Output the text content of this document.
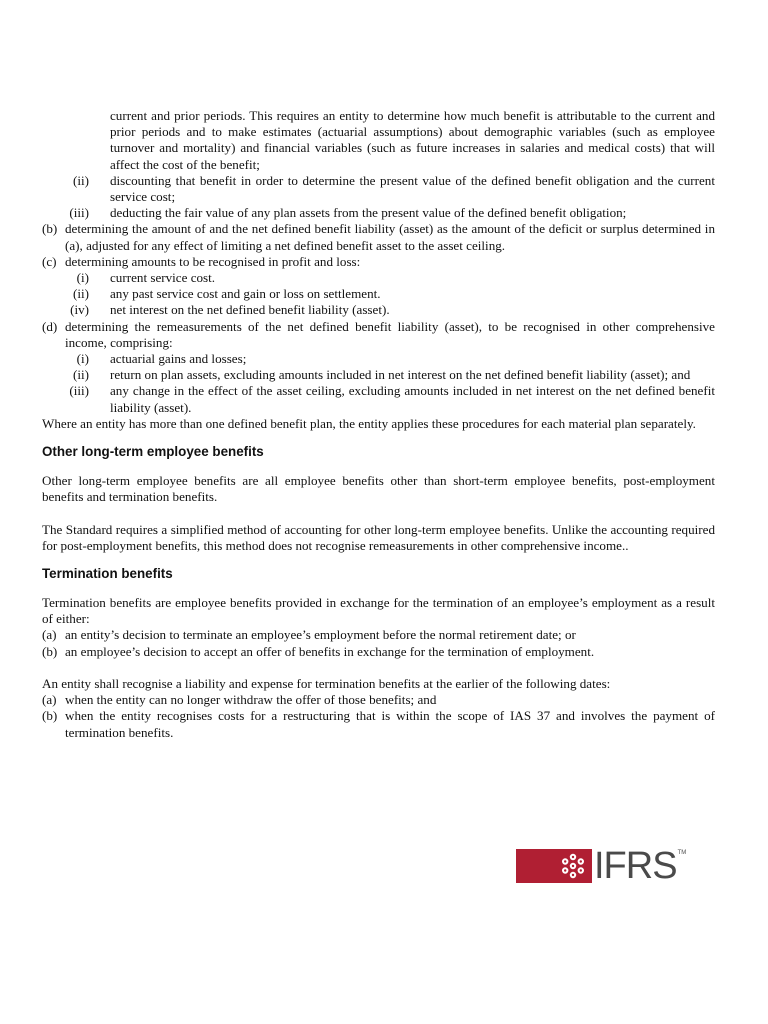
current and prior periods. This requires an entity to determine how much benefit is attributable to the current and prior periods and to make estimates (actuarial assumptions) about demographic variables (such as employee turnover and mortality) and financial variables (such as future increases in salaries and medical costs) that will affect the cost of the benefit;

(ii)	discounting that benefit in order to determine the present value of the defined benefit obligation and the current service cost;
(iii)	deducting the fair value of any plan assets from the present value of the defined benefit obligation;
(b) determining the amount of and the net defined benefit liability (asset) as the amount of the deficit or surplus determined in (a), adjusted for any effect of limiting a net defined benefit asset to the asset ceiling.
(c) determining amounts to be recognised in profit and loss:
(i)	current service cost.
(ii)	any past service cost and gain or loss on settlement.
(iv)	net interest on the net defined benefit liability (asset).
(d) determining the remeasurements of the net defined benefit liability (asset), to be recognised in other comprehensive income, comprising:
(i)	actuarial gains and losses;
(ii)	return on plan assets, excluding amounts included in net interest on the net defined benefit liability (asset); and
(iii)	any change in the effect of the asset ceiling, excluding amounts included in net interest on the net defined benefit liability (asset).

Where an entity has more than one defined benefit plan, the entity applies these procedures for each material plan separately.

Other long-term employee benefits

Other long-term employee benefits are all employee benefits other than short-term employee benefits, post-employment benefits and termination benefits.

The Standard requires a simplified method of accounting for other long-term employee benefits. Unlike the accounting required for post-employment benefits, this method does not recognise remeasurements in other comprehensive income..

Termination benefits

Termination benefits are employee benefits provided in exchange for the termination of an employee’s employment as a result of either:

(a) an entity’s decision to terminate an employee’s employment before the normal retirement date; or
(b) an employee’s decision to accept an offer of benefits in exchange for the termination of employment.

An entity shall recognise a liability and expense for termination benefits at the earlier of the following dates:

(a) when the entity can no longer withdraw the offer of those benefits; and
(b) when the entity recognises costs for a restructuring that is within the scope of IAS 37 and involves the payment of termination benefits.
IFRS TM
